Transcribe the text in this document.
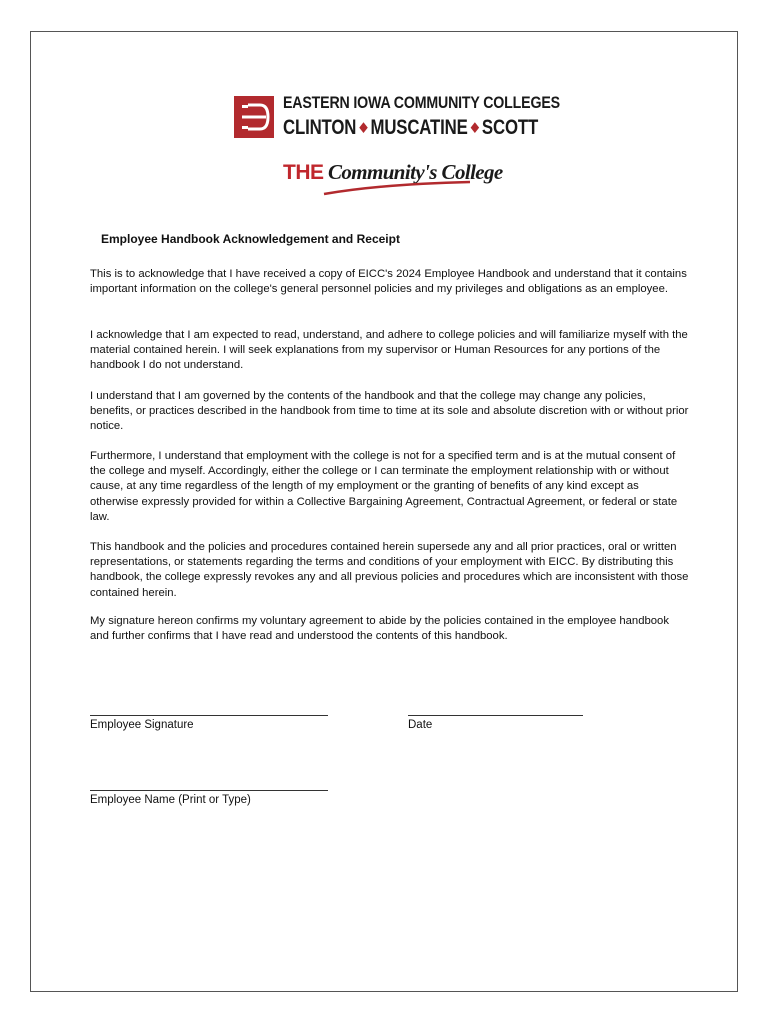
EASTERN IOWA COMMUNITY COLLEGES
CLINTON ◆ MUSCATINE ◆ SCOTT
THE Community's College
Employee Handbook Acknowledgement and Receipt

This is to acknowledge that I have received a copy of EICC's 2024 Employee Handbook and understand that it contains important information on the college's general personnel policies and my privileges and obligations as an employee.

I acknowledge that I am expected to read, understand, and adhere to college policies and will familiarize myself with the material contained herein. I will seek explanations from my supervisor or Human Resources for any portions of the handbook I do not understand.

I understand that I am governed by the contents of the handbook and that the college may change any policies, benefits, or practices described in the handbook from time to time at its sole and absolute discretion with or without prior notice.

Furthermore, I understand that employment with the college is not for a specified term and is at the mutual consent of the college and myself. Accordingly, either the college or I can terminate the employment relationship with or without cause, at any time regardless of the length of my employment or the granting of benefits of any kind except as otherwise expressly provided for within a Collective Bargaining Agreement, Contractual Agreement, or federal or state law.

This handbook and the policies and procedures contained herein supersede any and all prior practices, oral or written representations, or statements regarding the terms and conditions of your employment with EICC. By distributing this handbook, the college expressly revokes any and all previous policies and procedures which are inconsistent with those contained herein.

My signature hereon confirms my voluntary agreement to abide by the policies contained in the employee handbook and further confirms that I have read and understood the contents of this handbook.

Employee Signature	Date
Employee Name (Print or Type)
